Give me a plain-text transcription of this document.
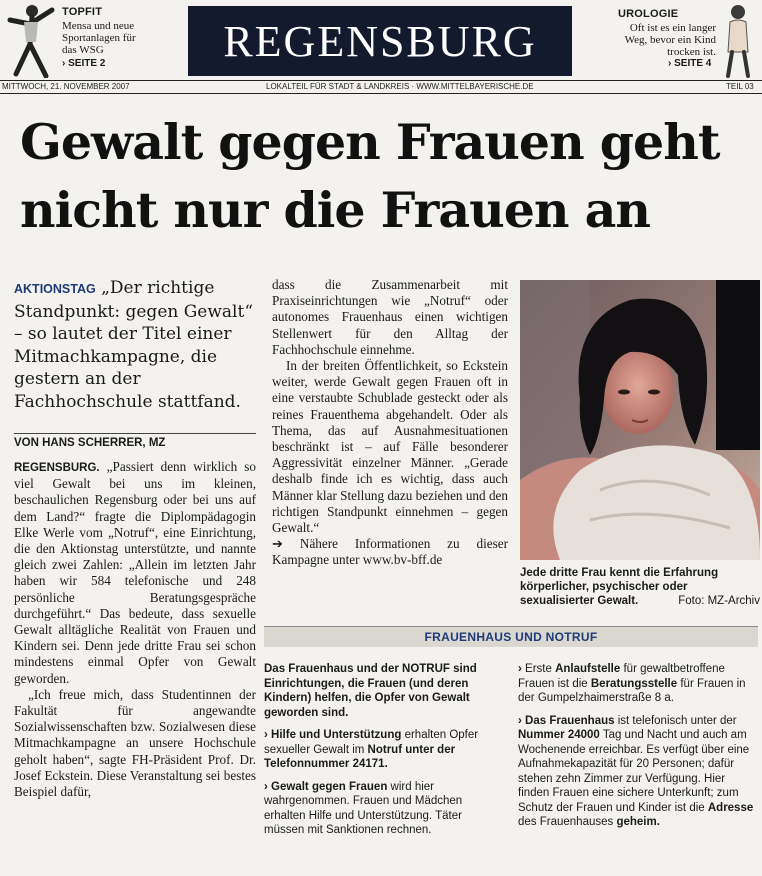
TOPFIT
Mensa und neue Sportanlagen für das WSG
› SEITE 2	REGENSBURG
UROLOGIE
Oft ist es ein langer Weg, bevor ein Kind trocken ist.
› SEITE 4
MITTWOCH, 21. NOVEMBER 2007	LOKALTEIL FÜR STADT & LANDKREIS · WWW.MITTELBAYERISCHE.DE	TEIL 03
Gewalt gegen Frauen geht
nicht nur die Frauen an
AKTIONSTAG „Der richtige Standpunkt: gegen Gewalt“ – so lautet der Titel einer Mitmachkampagne, die gestern an der Fachhochschule stattfand.
VON HANS SCHERRER, MZ

REGENSBURG. „Passiert denn wirklich so viel Gewalt bei uns im kleinen, beschaulichen Regensburg oder bei uns auf dem Land?“ fragte die Diplompädagogin Elke Werle vom „Notruf“, eine Einrichtung, die den Aktionstag unterstützte, und nannte gleich zwei Zahlen: „Allein im letzten Jahr haben wir 584 telefonische und 248 persönliche Beratungsgespräche durchgeführt.“ Das bedeute, dass sexuelle Gewalt alltägliche Realität von Frauen und Kindern sei. Denn jede dritte Frau sei schon mindestens einmal Opfer von Gewalt geworden.

„Ich freue mich, dass Studentinnen der Fakultät für angewandte Sozialwissenschaften bzw. Sozialwesen diese Mitmachkampagne an unsere Hochschule geholt haben“, sagte FH-Präsident Prof. Dr. Josef Eckstein. Diese Veranstaltung sei bestes Beispiel dafür,

dass die Zusammenarbeit mit Praxiseinrichtungen wie „Notruf“ oder autonomes Frauenhaus einen wichtigen Stellenwert für den Alltag der Fachhochschule einnehme.

In der breiten Öffentlichkeit, so Eckstein weiter, werde Gewalt gegen Frauen oft in eine verstaubte Schublade gesteckt oder als reines Frauenthema abgehandelt. Oder als Thema, das auf Ausnahmesituationen beschränkt ist – auf Fälle besonderer Aggressivität einzelner Männer. „Gerade deshalb finde ich es wichtig, dass auch Männer klar Stellung dazu beziehen und den richtigen Standpunkt einnehmen – gegen Gewalt.“

➔ Nähere Informationen zu dieser Kampagne unter www.bv-bff.de

Jede dritte Frau kennt die Erfahrung körperlicher, psychischer oder sexualisierter Gewalt.	Foto: MZ-Archiv
FRAUENHAUS UND NOTRUF

Das Frauenhaus und der NOTRUF sind Einrichtungen, die Frauen (und deren Kindern) helfen, die Opfer von Gewalt geworden sind.

› Hilfe und Unterstützung erhalten Opfer sexueller Gewalt im Notruf unter der Telefonnummer 24171.

› Gewalt gegen Frauen wird hier wahrgenommen. Frauen und Mädchen erhalten Hilfe und Unterstützung. Täter müssen mit Sanktionen rechnen.

› Erste Anlaufstelle für gewaltbetroffene Frauen ist die Beratungsstelle für Frauen in der Gumpelzhaimerstraße 8 a.

› Das Frauenhaus ist telefonisch unter der Nummer 24000 Tag und Nacht und auch am Wochenende erreichbar. Es verfügt über eine Aufnahmekapazität für 20 Personen; dafür stehen zehn Zimmer zur Verfügung. Hier finden Frauen eine sichere Unterkunft; zum Schutz der Frauen und Kinder ist die Adresse des Frauenhauses geheim.
